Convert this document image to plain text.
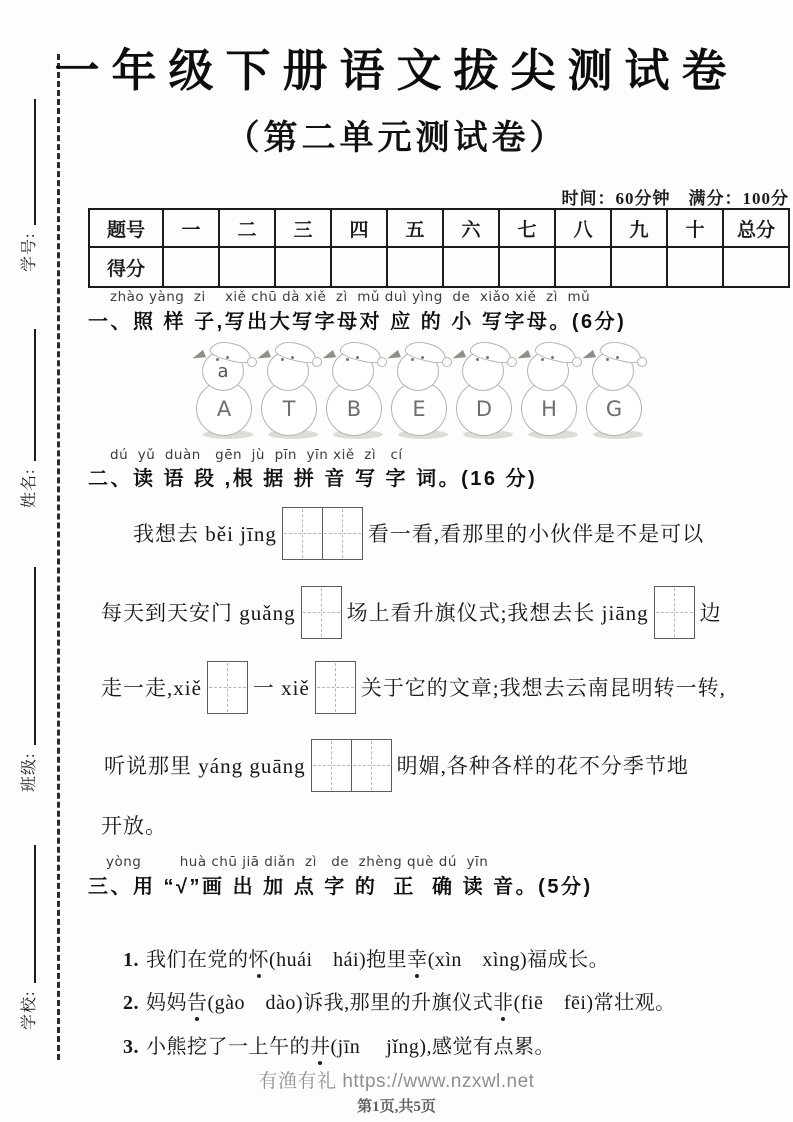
学号:
姓名:
班级:
学校:
一年级下册语文拔尖测试卷
（第二单元测试卷）
时间：60分钟　满分：100分
题号	一	二	三	四	五	六	七	八	九	十	总分
得分											
zhào yàng  zi    xiě chū dà xiě  zì  mǔ duì yìng  de  xiǎo xiě  zì  mǔ
一、照 样 子,写出大写字母对 应 的 小 写字母。(6分)
A
a
T B E D H G
dú  yǔ  duàn   gēn  jù  pīn  yīn xiě  zì   cí
二、读 语 段 ,根 据 拼 音 写 字 词。(16 分)
我想去 běi jīng	看一看,看那里的小伙伴是不是可以
每天到天安门 guǎng 场上看升旗仪式;我想去长 jiāng 边
走一走,xiě 一 xiě 关于它的文章;我想去云南昆明转一转,
听说那里 yáng guāng	明媚,各种各样的花不分季节地
开放。
yòng        huà chū jiā diǎn  zì   de  zhèng què dú  yīn
三、用 “√”画 出 加 点 字 的  正  确 读 音。(5分)

1. 我们在党的怀(huái　hái)抱里幸(xìn　xìng)福成长。

2. 妈妈告(gào　dào)诉我,那里的升旗仪式非(fiē　fēi)常壮观。

3. 小熊挖了一上午的井(jīn　 jǐng),感觉有点累。

有渔有礼 https://www.nzxwl.net
第1页,共5页
